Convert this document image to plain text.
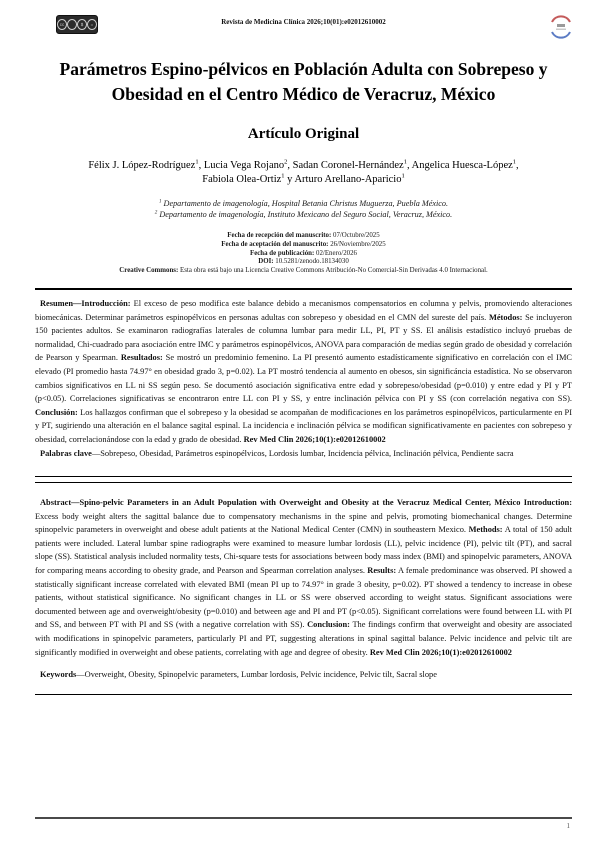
cc	$	=	Revista de Medicina Clínica 2026;10(01):e02012610002
Parámetros Espino-pélvicos en Población Adulta con Sobrepeso y Obesidad en el Centro Médico de Veracruz, México
Artículo Original
Félix J. López-Rodríguez$^1$, Lucia Vega Rojano$^2$, Sadan Coronel-Hernández$^1$, Angelica Huesca-López$^1$, Fabiola Olea-Ortiz$^1$ y Arturo Arellano-Aparicio$^1$
$^1$ Departamento de imagenología, Hospital Betania Christus Muguerza, Puebla México.
$^2$ Departamento de imagenología, Instituto Mexicano del Seguro Social, Veracruz, México.
Fecha de recepción del manuscrito: 07/Octubre/2025
Fecha de aceptación del manuscrito: 26/Noviembre/2025
Fecha de publicación: 02/Enero/2026
DOI: 10.5281/zenodo.18134030
Creative Commons: Esta obra está bajo una Licencia Creative Commons Atribución-No Comercial-Sin Derivadas 4.0 Internacional.

Resumen—Introducción: El exceso de peso modifica este balance debido a mecanismos compensatorios en columna y pelvis, promoviendo alteraciones biomecánicas. Determinar parámetros espinopélvicos en personas adultas con sobrepeso y obesidad en el CMN del sureste del país. Métodos: Se incluyeron 150 pacientes adultos. Se examinaron radiografías laterales de columna lumbar para medir LL, PI, PT y SS. El análisis estadístico incluyó pruebas de normalidad, Chi-cuadrado para asociación entre IMC y parámetros espinopélvicos, ANOVA para comparación de medias según grado de obesidad y correlación de Pearson y Spearman. Resultados: Se mostró un predominio femenino. La PI presentó aumento estadísticamente significativo en correlación con el IMC elevado (PI promedio hasta 74.97° en obesidad grado 3, p=0.02). La PT mostró tendencia al aumento en obesos, sin significáncia estadística. No se observaron cambios significativos en LL ni SS según peso. Se documentó asociación significativa entre edad y sobrepeso/obesidad (p=0.010) y entre edad y PI y PT (p<0.05). Correlaciones significativas se encontraron entre LL con PI y SS, y entre inclinación pélvica con PI y SS (con correlación negativa con SS). Conclusión: Los hallazgos confirman que el sobrepeso y la obesidad se acompañan de modificaciones en los parámetros espinopélvicos, particularmente en PI y PT, sugiriendo una alteración en el balance sagital espinal. La incidencia e inclinación pélvica se modifican significativamente en pacientes con sobrepeso y obesidad, correlacionándose con la edad y grado de obesidad. Rev Med Clin 2026;10(1):e02012610002

Palabras clave—Sobrepeso, Obesidad, Parámetros espinopélvicos, Lordosis lumbar, Incidencia pélvica, Inclinación pélvica, Pendiente sacra

Abstract—Spino-pelvic Parameters in an Adult Population with Overweight and Obesity at the Veracruz Medical Center, México Introduction: Excess body weight alters the sagittal balance due to compensatory mechanisms in the spine and pelvis, promoting biomechanical changes. Determine spinopelvic parameters in overweight and obese adult patients at the National Medical Center (CMN) in southeastern Mexico. Methods: A total of 150 adult patients were included. Lateral lumbar spine radiographs were examined to measure lumbar lordosis (LL), pelvic incidence (PI), pelvic tilt (PT), and sacral slope (SS). Statistical analysis included normality tests, Chi-square tests for associations between body mass index (BMI) and spinopelvic parameters, ANOVA for comparing means according to obesity grade, and Pearson and Spearman correlation analyses. Results: A female predominance was observed. PI showed a statistically significant increase correlated with elevated BMI (mean PI up to 74.97° in grade 3 obesity, p=0.02). PT showed a tendency to increase in obese patients, without statistical significance. No significant changes in LL or SS were observed according to weight status. Significant associations were documented between age and overweight/obesity (p=0.010) and between age and PI and PT (p<0.05). Significant correlations were found between LL with PI and SS, and between PT with PI and SS (with a negative correlation with SS). Conclusion: The findings confirm that overweight and obesity are associated with modifications in spinopelvic parameters, particularly PI and PT, suggesting alterations in spinal sagittal balance. Pelvic incidence and pelvic tilt are significantly modified in overweight and obese patients, correlating with age and degree of obesity. Rev Med Clin 2026;10(1):e02012610002

Keywords—Overweight, Obesity, Spinopelvic parameters, Lumbar lordosis, Pelvic incidence, Pelvic tilt, Sacral slope

1
